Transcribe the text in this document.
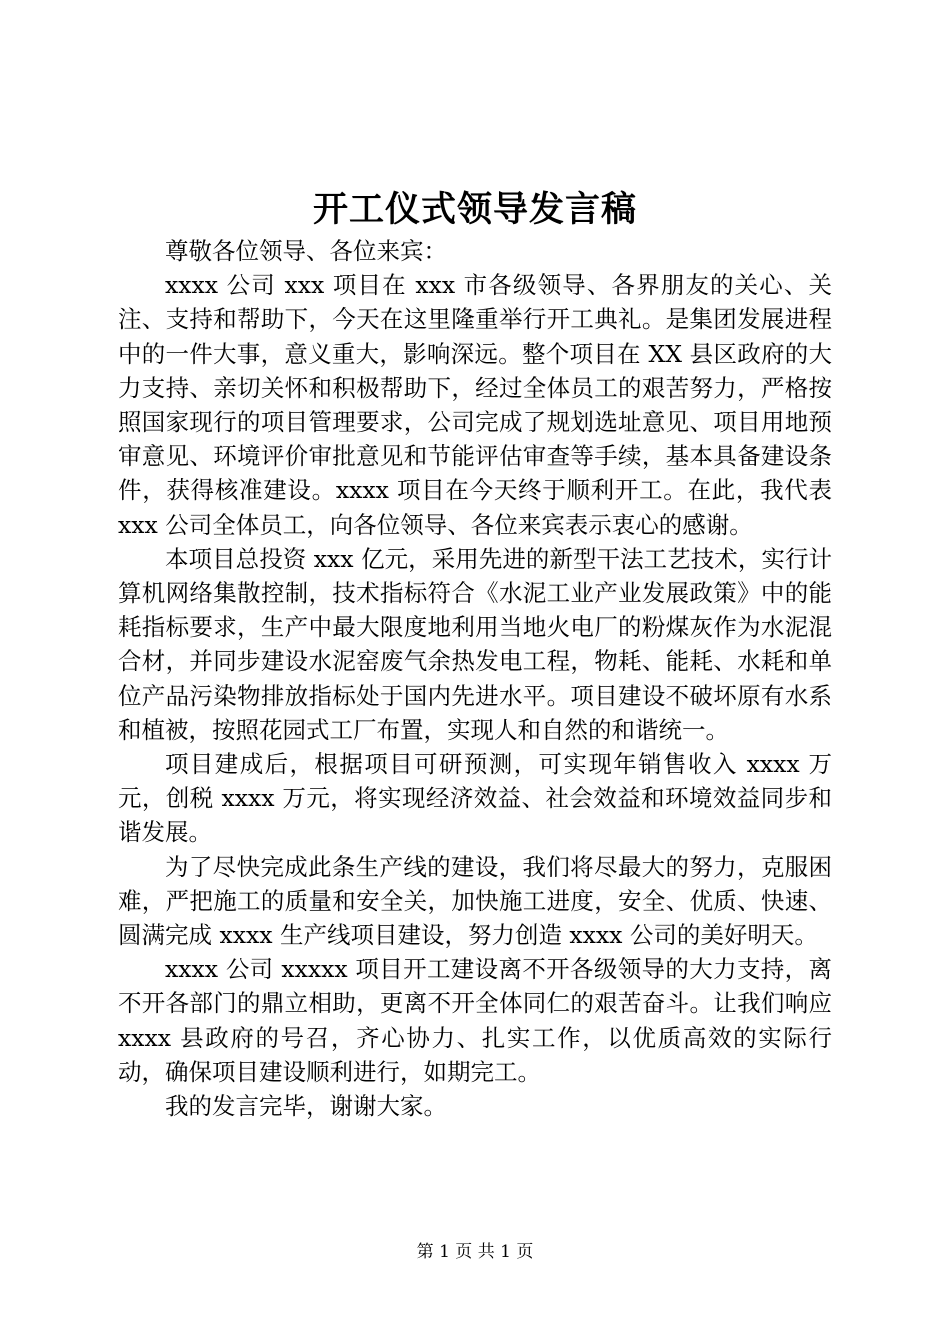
开工仪式领导发言稿

尊敬各位领导、各位来宾：

xxxx 公司 xxx 项目在 xxx 市各级领导、各界朋友的关心、关注、支持和帮助下，今天在这里隆重举行开工典礼。是集团发展进程中的一件大事，意义重大，影响深远。整个项目在 XX 县区政府的大力支持、亲切关怀和积极帮助下，经过全体员工的艰苦努力，严格按照国家现行的项目管理要求，公司完成了规划选址意见、项目用地预审意见、环境评价审批意见和节能评估审查等手续，基本具备建设条件，获得核准建设。xxxx 项目在今天终于顺利开工。在此，我代表 xxx 公司全体员工，向各位领导、各位来宾表示衷心的感谢。

本项目总投资 xxx 亿元，采用先进的新型干法工艺技术，实行计算机网络集散控制，技术指标符合《水泥工业产业发展政策》中的能耗指标要求，生产中最大限度地利用当地火电厂的粉煤灰作为水泥混合材，并同步建设水泥窑废气余热发电工程，物耗、能耗、水耗和单位产品污染物排放指标处于国内先进水平。项目建设不破坏原有水系和植被，按照花园式工厂布置，实现人和自然的和谐统一。

项目建成后，根据项目可研预测，可实现年销售收入 xxxx 万元，创税 xxxx 万元，将实现经济效益、社会效益和环境效益同步和谐发展。

为了尽快完成此条生产线的建设，我们将尽最大的努力，克服困难，严把施工的质量和安全关，加快施工进度，安全、优质、快速、圆满完成 xxxx 生产线项目建设，努力创造 xxxx 公司的美好明天。

xxxx 公司 xxxxx 项目开工建设离不开各级领导的大力支持，离不开各部门的鼎立相助，更离不开全体同仁的艰苦奋斗。让我们响应 xxxx 县政府的号召，齐心协力、扎实工作，以优质高效的实际行动，确保项目建设顺利进行，如期完工。

我的发言完毕，谢谢大家。

第 1 页 共 1 页
